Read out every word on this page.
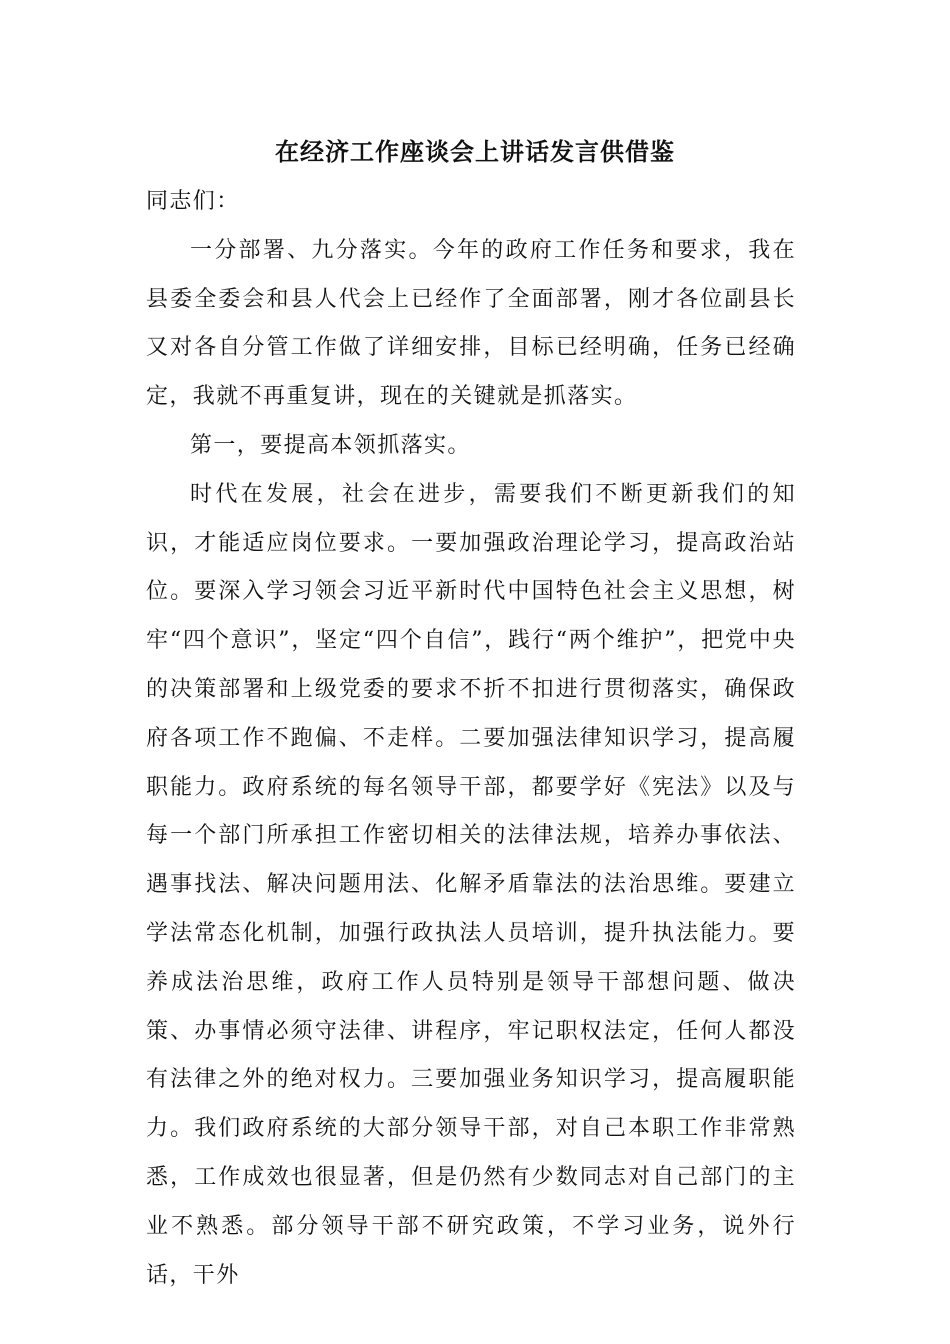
在经济工作座谈会上讲话发言供借鉴

同志们：

一分部署、九分落实。今年的政府工作任务和要求，我在县委全委会和县人代会上已经作了全面部署，刚才各位副县长又对各自分管工作做了详细安排，目标已经明确，任务已经确定，我就不再重复讲，现在的关键就是抓落实。

第一，要提高本领抓落实。

时代在发展，社会在进步，需要我们不断更新我们的知识，才能适应岗位要求。一要加强政治理论学习，提高政治站位。要深入学习领会习近平新时代中国特色社会主义思想，树牢“四个意识”，坚定“四个自信”，践行“两个维护”，把党中央的决策部署和上级党委的要求不折不扣进行贯彻落实，确保政府各项工作不跑偏、不走样。二要加强法律知识学习，提高履职能力。政府系统的每名领导干部，都要学好《宪法》以及与每一个部门所承担工作密切相关的法律法规，培养办事依法、遇事找法、解决问题用法、化解矛盾靠法的法治思维。要建立学法常态化机制，加强行政执法人员培训，提升执法能力。要养成法治思维，政府工作人员特别是领导干部想问题、做决策、办事情必须守法律、讲程序，牢记职权法定，任何人都没有法律之外的绝对权力。三要加强业务知识学习，提高履职能力。我们政府系统的大部分领导干部，对自己本职工作非常熟悉，工作成效也很显著，但是仍然有少数同志对自己部门的主业不熟悉。部分领导干部不研究政策，不学习业务，说外行话，干外
